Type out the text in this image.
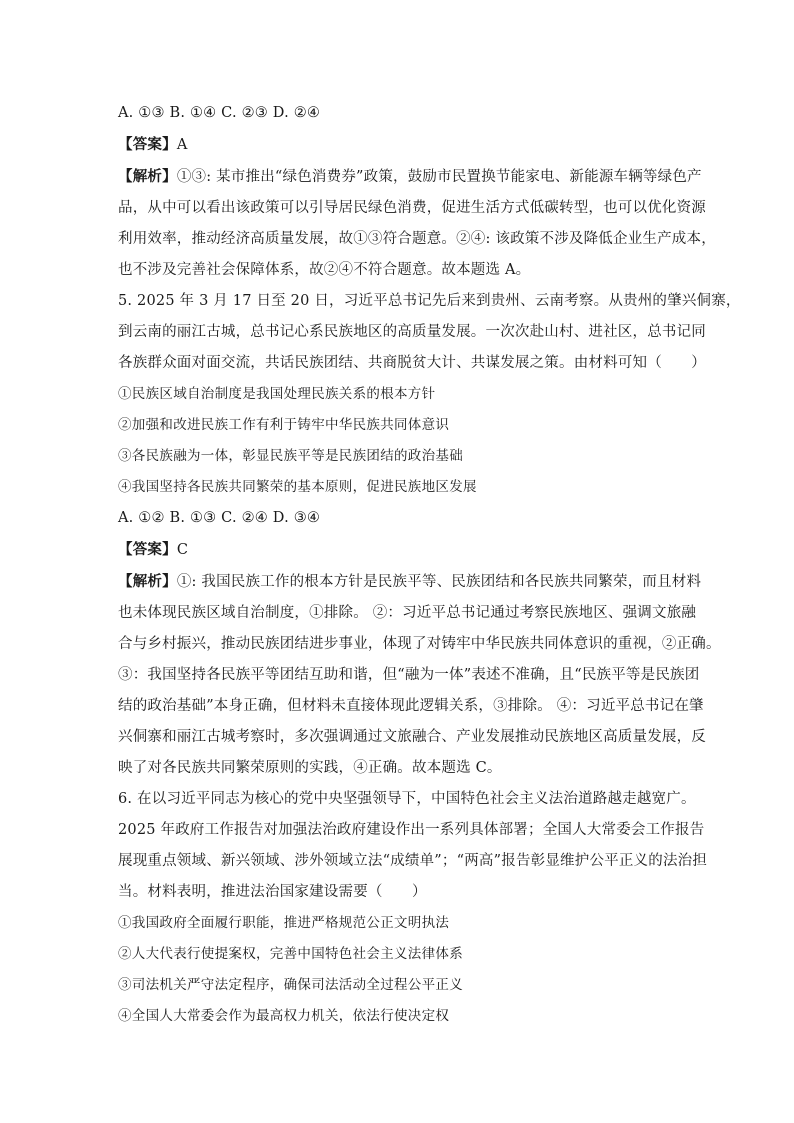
A. ①③ B. ①④ C. ②③ D. ②④
【答案】A
【解析】①③: 某市推出“绿色消费券”政策，鼓励市民置换节能家电、新能源车辆等绿色产
品，从中可以看出该政策可以引导居民绿色消费，促进生活方式低碳转型，也可以优化资源
利用效率，推动经济高质量发展，故①③符合题意。②④: 该政策不涉及降低企业生产成本，
也不涉及完善社会保障体系，故②④不符合题意。故本题选 A。
5. 2025 年 3 月 17 日至 20 日，习近平总书记先后来到贵州、云南考察。从贵州的肇兴侗寨，
到云南的丽江古城，总书记心系民族地区的高质量发展。一次次赴山村、进社区，总书记同
各族群众面对面交流，共话民族团结、共商脱贫大计、共谋发展之策。由材料可知（　　）
①民族区域自治制度是我国处理民族关系的根本方针
②加强和改进民族工作有利于铸牢中华民族共同体意识
③各民族融为一体，彰显民族平等是民族团结的政治基础
④我国坚持各民族共同繁荣的基本原则，促进民族地区发展
A. ①② B. ①③ C. ②④ D. ③④
【答案】C
【解析】①: 我国民族工作的根本方针是民族平等、民族团结和各民族共同繁荣，而且材料
也未体现民族区域自治制度，①排除。 ②：习近平总书记通过考察民族地区、强调文旅融
合与乡村振兴，推动民族团结进步事业，体现了对铸牢中华民族共同体意识的重视，②正确。
③：我国坚持各民族平等团结互助和谐，但“融为一体”表述不准确，且“民族平等是民族团
结的政治基础”本身正确，但材料未直接体现此逻辑关系，③排除。 ④：习近平总书记在肇
兴侗寨和丽江古城考察时，多次强调通过文旅融合、产业发展推动民族地区高质量发展，反
映了对各民族共同繁荣原则的实践，④正确。故本题选 C。
6. 在以习近平同志为核心的党中央坚强领导下，中国特色社会主义法治道路越走越宽广。
2025 年政府工作报告对加强法治政府建设作出一系列具体部署；全国人大常委会工作报告
展现重点领域、新兴领域、涉外领域立法“成绩单”；“两高”报告彰显维护公平正义的法治担
当。材料表明，推进法治国家建设需要（　　）
①我国政府全面履行职能，推进严格规范公正文明执法
②人大代表行使提案权，完善中国特色社会主义法律体系
③司法机关严守法定程序，确保司法活动全过程公平正义
④全国人大常委会作为最高权力机关，依法行使决定权
